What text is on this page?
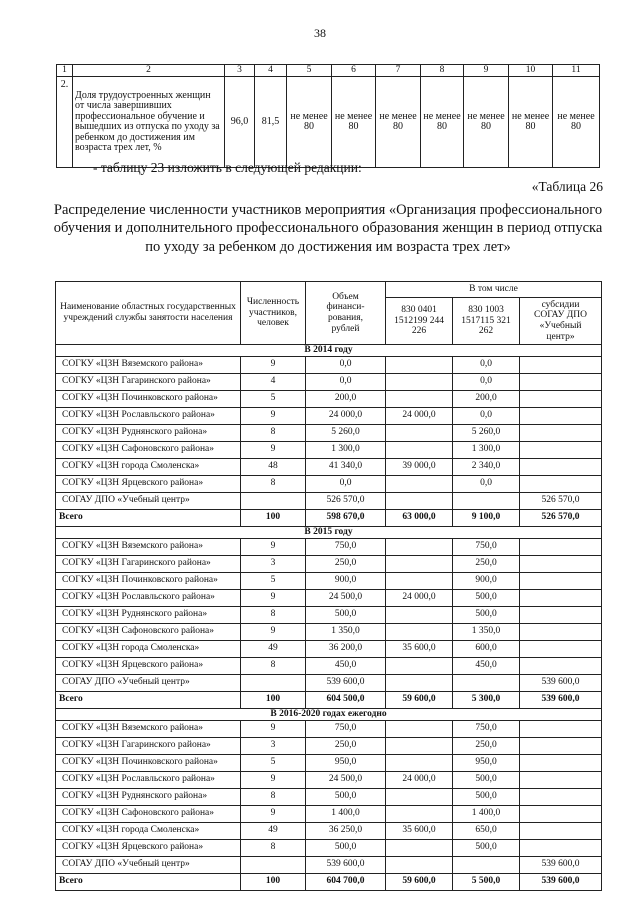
38
1	2	3	4	5	6	7	8	9	10	11
2.	Доля трудоустроенных женщин от числа завершивших профессиональное обучение и вышедших из отпуска по уходу за ребенком до достижения им возраста трех лет, %	96,0	81,5	не менее 80	не менее 80	не менее 80	не менее 80	не менее 80	не менее 80	не менее 80
- таблицу 23 изложить в следующей редакции:
«Таблица 26
Распределение численности участников мероприятия «Организация профессионального обучения и дополнительного профессионального образования женщин в период отпуска по уходу за ребенком до достижения им возраста трех лет»
Наименование областных государственных учреждений службы занятости населения	Численность участников, человек	Объем финанси-рования, рублей	В том числе		
			830 0401 1512199 244 226	830 1003 1517115 321 262	субсидии СОГАУ ДПО «Учебный центр»
В 2014 году					
СОГКУ «ЦЗН Вяземского района»	9	0,0		0,0	
СОГКУ «ЦЗН Гагаринского района»	4	0,0		0,0	
СОГКУ «ЦЗН Починковского района»	5	200,0		200,0	
СОГКУ «ЦЗН Рославльского района»	9	24 000,0	24 000,0	0,0	
СОГКУ «ЦЗН Руднянского района»	8	5 260,0		5 260,0	
СОГКУ «ЦЗН Сафоновского района»	9	1 300,0		1 300,0	
СОГКУ «ЦЗН города Смоленска»	48	41 340,0	39 000,0	2 340,0	
СОГКУ «ЦЗН Ярцевского района»	8	0,0		0,0	
СОГАУ ДПО «Учебный центр»		526 570,0			526 570,0
Всего	100	598 670,0	63 000,0	9 100,0	526 570,0
В 2015 году					
СОГКУ «ЦЗН Вяземского района»	9	750,0		750,0	
СОГКУ «ЦЗН Гагаринского района»	3	250,0		250,0	
СОГКУ «ЦЗН Починковского района»	5	900,0		900,0	
СОГКУ «ЦЗН Рославльского района»	9	24 500,0	24 000,0	500,0	
СОГКУ «ЦЗН Руднянского района»	8	500,0		500,0	
СОГКУ «ЦЗН Сафоновского района»	9	1 350,0		1 350,0	
СОГКУ «ЦЗН города Смоленска»	49	36 200,0	35 600,0	600,0	
СОГКУ «ЦЗН Ярцевского района»	8	450,0		450,0	
СОГАУ ДПО «Учебный центр»		539 600,0			539 600,0
Всего	100	604 500,0	59 600,0	5 300,0	539 600,0
В 2016-2020 годах ежегодно					
СОГКУ «ЦЗН Вяземского района»	9	750,0		750,0	
СОГКУ «ЦЗН Гагаринского района»	3	250,0		250,0	
СОГКУ «ЦЗН Починковского района»	5	950,0		950,0	
СОГКУ «ЦЗН Рославльского района»	9	24 500,0	24 000,0	500,0	
СОГКУ «ЦЗН Руднянского района»	8	500,0		500,0	
СОГКУ «ЦЗН Сафоновского района»	9	1 400,0		1 400,0	
СОГКУ «ЦЗН города Смоленска»	49	36 250,0	35 600,0	650,0	
СОГКУ «ЦЗН Ярцевского района»	8	500,0		500,0	
СОГАУ ДПО «Учебный центр»		539 600,0			539 600,0
Всего	100	604 700,0	59 600,0	5 500,0	539 600,0
